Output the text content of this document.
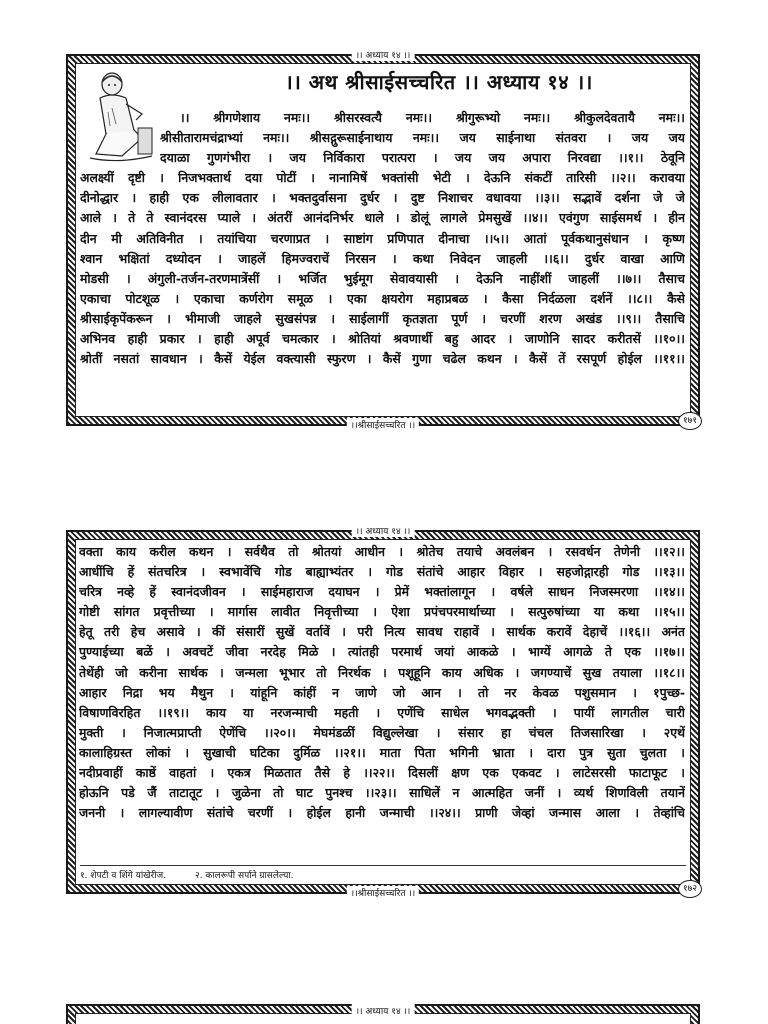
।। अध्याय १४ ।।
।। अथ श्रीसाईसच्चरित ।। अध्याय १४ ।।
।। श्रीगणेशाय नमः।। श्रीसरस्वत्यै नमः।। श्रीगुरूभ्यो नमः।। श्रीकुलदेवतायै नमः।।
श्रीसीतारामचंद्राभ्यां नमः।। श्रीसद्गुरूसाईनाथाय नमः।। जय साईनाथा संतवरा । जय जय
दयाळा गुणगंभीरा । जय निर्विकारा परात्परा । जय जय अपारा निरवद्या ।।१।। ठेवूनि
अलक्ष्यीं दृष्टी । निजभक्तार्थ दया पोटीं । नानामिषें भक्तांसी भेटी । देऊनि संकटीं तारिसी ।।२।। करावया
दीनोद्धार । हाही एक लीलावतार । भक्तदुर्वासना दुर्धर । दुष्ट निशाचर वधावया ।।३।। सद्भावें दर्शना जे जे
आले । ते ते स्वानंदरस प्याले । अंतरीं आनंदनिर्भर धाले । डोलूं लागले प्रेमसुखें ।।४।। एवंगुण साईसमर्थ । हीन
दीन मी अतिविनीत । तयांचिया चरणाप्रत । साष्टांग प्रणिपात दीनाचा ।।५।। आतां पूर्वकथानुसंधान । कृष्ण
श्वान भक्षितां दध्योदन । जाहलें हिमज्वराचें निरसन । कथा निवेदन जाहली ।।६।। दुर्धर वाखा आणि
मोडसी । अंगुली-तर्जन-तरणमात्रेंसीं । भर्जित भुईमूग सेवावयासी । देऊनि नाहींशीं जाहलीं ।।७।। तैसाच
एकाचा पोटशूळ । एकाचा कर्णरोग समूळ । एका क्षयरोग महाप्रबळ । कैसा निर्दळला दर्शनें ।।८।। कैसे
श्रीसाईकृपेंकरून । भीमाजी जाहले सुखसंपन्न । साईलागीं कृतज्ञता पूर्ण । चरणीं शरण अखंड ।।९।। तैसाचि
अभिनव हाही प्रकार । हाही अपूर्व चमत्कार । श्रोतियां श्रवणार्थी बहु आदर । जाणोनि सादर करीतसें ।।१०।।
श्रोतीं नसतां सावधान । कैसें येईल वक्त्यासी स्फुरण । कैसें गुणा चढेल कथन । कैसें तें रसपूर्ण होईल ।।११।।
।।श्रीसाईसच्चरित ।।	१७१
।। अध्याय १४ ।।
वक्ता काय करील कथन । सर्वथैव तो श्रोतयां आधीन । श्रोतेच तयाचे अवलंबन । रसवर्धन तेणेनी ।।१२।।
आधींचि हें संतचरित्र । स्वभावेंचि गोड बाह्याभ्यंतर । गोड संतांचे आहार विहार । सहजोद्गारही गोड ।।१३।।
चरित्र नव्हे हें स्वानंदजीवन । साईमहाराज दयाघन । प्रेमें भक्तांलागून । वर्षले साधन निजस्मरणा ।।१४।।
गोष्टी सांगत प्रवृत्तीच्या । मार्गास लावीत निवृत्तीच्या । ऐशा प्रपंचपरमार्थाच्या । सत्पुरुषांच्या या कथा ।।१५।।
हेतू तरी हेच असावे । कीं संसारीं सुखें वर्तावें । परी नित्य सावध राहावें । सार्थक करावें देहाचें ।।१६।। अनंत
पुण्याईच्या बळें । अवचटें जीवा नरदेह मिळे । त्यांतही परमार्थ जयां आकळे । भाग्यें आगळे ते एक ।।१७।।
तेथेंही जो करीना सार्थक । जन्मला भूभार तो निरर्थक । पशूहूनि काय अधिक । जगण्याचें सुख तयाला ।।१८।।
आहार निद्रा भय मैथुन । यांहूनि कांहीं न जाणे जो आन । तो नर केवळ पशुसमान । १पुच्छ-
विषाणविरहित ।।१९।। काय या नरजन्माची महती । एणेंचि साधेल भगवद्भक्ती । पायीं लागतील चारी
मुक्ती । निजात्मप्राप्ती ऐणेंचि ।।२०।। मेघमंडळीं विद्युल्लेखा । संसार हा चंचल तिजसारिखा । २एथें
कालाहिग्रस्त लोकां । सुखाची घटिका दुर्मिळ ।।२१।। माता पिता भगिनी भ्राता । दारा पुत्र सुता चुलता ।
नदीप्रवाहीं काष्ठें वाहतां । एकत्र मिळतात तैसे हे ।।२२।। दिसलीं क्षण एक एकवट । लाटेसरसी फाटाफूट ।
होऊनि पडे जैं ताटातूट । जुळेना तो घाट पुनश्च ।।२३।। साधिलें न आत्महित जनीं । व्यर्थ शिणविली तयानें
जननी । लागल्यावीण संतांचे चरणीं । होईल हानी जन्माची ।।२४।। प्राणी जेव्हां जन्मास आला । तेव्हांचि
१. शेपटी व शिंगे यांखेरीज.	२. कालरूपी सर्पाने ग्रासलेल्या.
।।श्रीसाईसच्चरित ।।	१७२
।। अध्याय १४ ।।
